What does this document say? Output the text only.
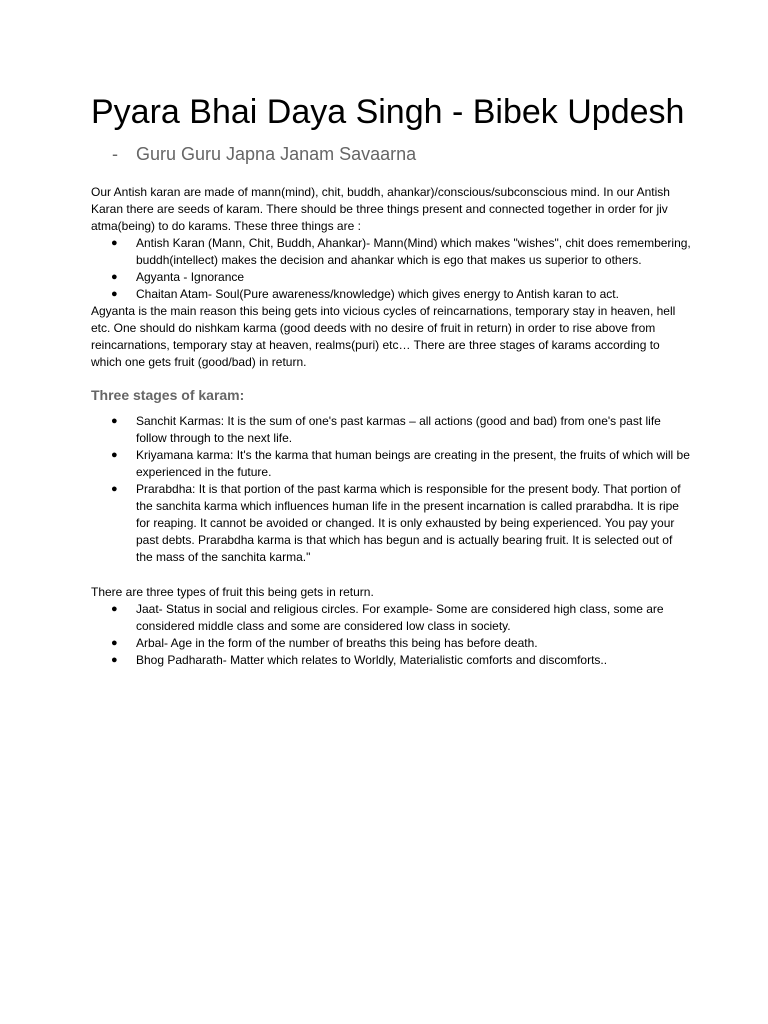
Pyara Bhai Daya Singh - Bibek Updesh
- Guru Guru Japna Janam Savaarna

Our Antish karan are made of mann(mind), chit, buddh, ahankar)/conscious/subconscious mind. In our Antish Karan there are seeds of karam. There should be three things present and connected together in order for jiv atma(being) to do karams. These three things are :

● Antish Karan (Mann, Chit, Buddh, Ahankar)- Mann(Mind) which makes "wishes", chit does remembering, buddh(intellect) makes the decision and ahankar which is ego that makes us superior to others.
● Agyanta - Ignorance
● Chaitan Atam- Soul(Pure awareness/knowledge) which gives energy to Antish karan to act.

Agyanta is the main reason this being gets into vicious cycles of reincarnations, temporary stay in heaven, hell etc. One should do nishkam karma (good deeds with no desire of fruit in return) in order to rise above from reincarnations, temporary stay at heaven, realms(puri) etc… There are three stages of karams according to which one gets fruit (good/bad) in return.

Three stages of karam:
● Sanchit Karmas: It is the sum of one's past karmas – all actions (good and bad) from one's past life follow through to the next life.
● Kriyamana karma: It's the karma that human beings are creating in the present, the fruits of which will be experienced in the future.
● Prarabdha: It is that portion of the past karma which is responsible for the present body. That portion of the sanchita karma which influences human life in the present incarnation is called prarabdha. It is ripe for reaping. It cannot be avoided or changed. It is only exhausted by being experienced. You pay your past debts. Prarabdha karma is that which has begun and is actually bearing fruit. It is selected out of the mass of the sanchita karma."

There are three types of fruit this being gets in return.

● Jaat- Status in social and religious circles. For example- Some are considered high class, some are considered middle class and some are considered low class in society.
● Arbal- Age in the form of the number of breaths this being has before death.
● Bhog Padharath- Matter which relates to Worldly, Materialistic comforts and discomforts..
